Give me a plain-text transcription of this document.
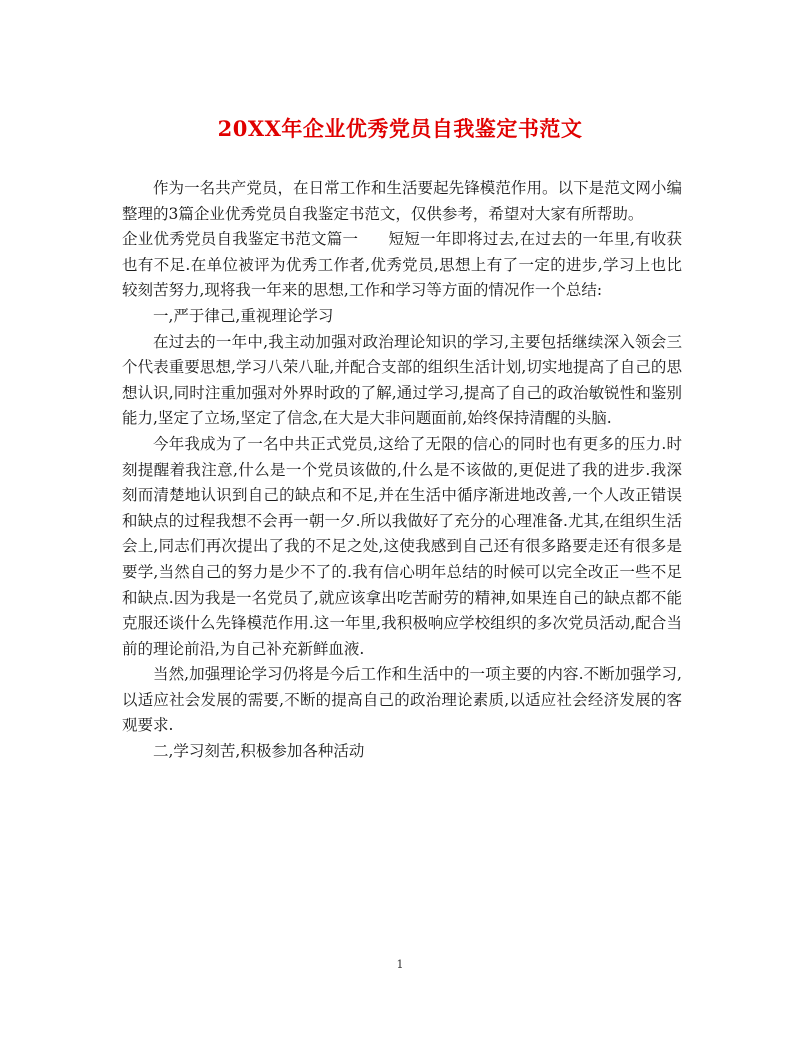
20XX年企业优秀党员自我鉴定书范文

作为一名共产党员，在日常工作和生活要起先锋模范作用。以下是范文网小编整理的3篇企业优秀党员自我鉴定书范文，仅供参考，希望对大家有所帮助。

企业优秀党员自我鉴定书范文篇一 短短一年即将过去,在过去的一年里,有收获也有不足.在单位被评为优秀工作者,优秀党员,思想上有了一定的进步,学习上也比较刻苦努力,现将我一年来的思想,工作和学习等方面的情况作一个总结:

一,严于律己,重视理论学习

在过去的一年中,我主动加强对政治理论知识的学习,主要包括继续深入领会三个代表重要思想,学习八荣八耻,并配合支部的组织生活计划,切实地提高了自己的思想认识,同时注重加强对外界时政的了解,通过学习,提高了自己的政治敏锐性和鉴别能力,坚定了立场,坚定了信念,在大是大非问题面前,始终保持清醒的头脑.

今年我成为了一名中共正式党员,这给了无限的信心的同时也有更多的压力.时刻提醒着我注意,什么是一个党员该做的,什么是不该做的,更促进了我的进步.我深刻而清楚地认识到自己的缺点和不足,并在生活中循序渐进地改善,一个人改正错误和缺点的过程我想不会再一朝一夕.所以我做好了充分的心理准备.尤其,在组织生活会上,同志们再次提出了我的不足之处,这使我感到自己还有很多路要走还有很多是要学,当然自己的努力是少不了的.我有信心明年总结的时候可以完全改正一些不足和缺点.因为我是一名党员了,就应该拿出吃苦耐劳的精神,如果连自己的缺点都不能克服还谈什么先锋模范作用.这一年里,我积极响应学校组织的多次党员活动,配合当前的理论前沿,为自己补充新鲜血液.

当然,加强理论学习仍将是今后工作和生活中的一项主要的内容.不断加强学习,以适应社会发展的需要,不断的提高自己的政治理论素质,以适应社会经济发展的客观要求.

二,学习刻苦,积极参加各种活动

1
